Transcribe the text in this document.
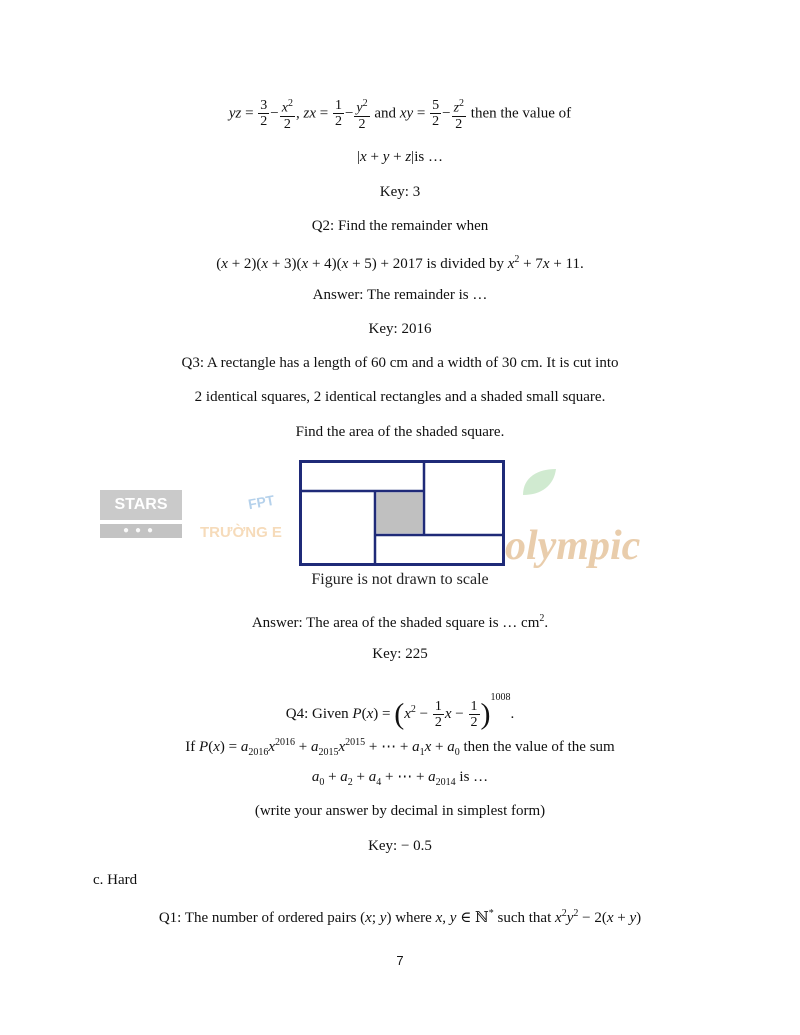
STARS
●●●
FPT
TRƯỜNG E	olympic
yz = $\frac{3}{2} - \frac{x^2}{2}$ , zx = $\frac{1}{2} - \frac{y^2}{2}$ and xy = $\frac{5}{2} - \frac{z^2}{2}$ then the value of
|x + y + z|is …
Key: 3
Q2: Find the remainder when
(x + 2)(x + 3)(x + 4)(x + 5) + 2017 is divided by $x^2 + 7x + 11$.
Answer: The remainder is …
Key: 2016
Q3: A rectangle has a length of 60 cm and a width of 30 cm. It is cut into
2 identical squares, 2 identical rectangles and a shaded small square.
Find the area of the shaded square.
Figure is not drawn to scale
Answer: The area of the shaded square is … $cm^2$.
Key: 225
Q4: Given $P(x) = (x^2 - \frac{1}{2}$ $x - \frac{1}{2} )^{1008}$.
If $P(x) = a_{2016}x^{2016} + a_{2015}x^{2015}$ + ⋯ + $a_1x + a_0$ then the value of the sum
$a_0 + a_2 + a_4$ + ⋯ + $a_{2014}$ is …
(write your answer by decimal in simplest form)
Key: − 0.5
c. Hard
Q1: The number of ordered pairs (x; y) where x, y ∈ ℕ* such that $x^2y^2 - 2(x + y)$
7
